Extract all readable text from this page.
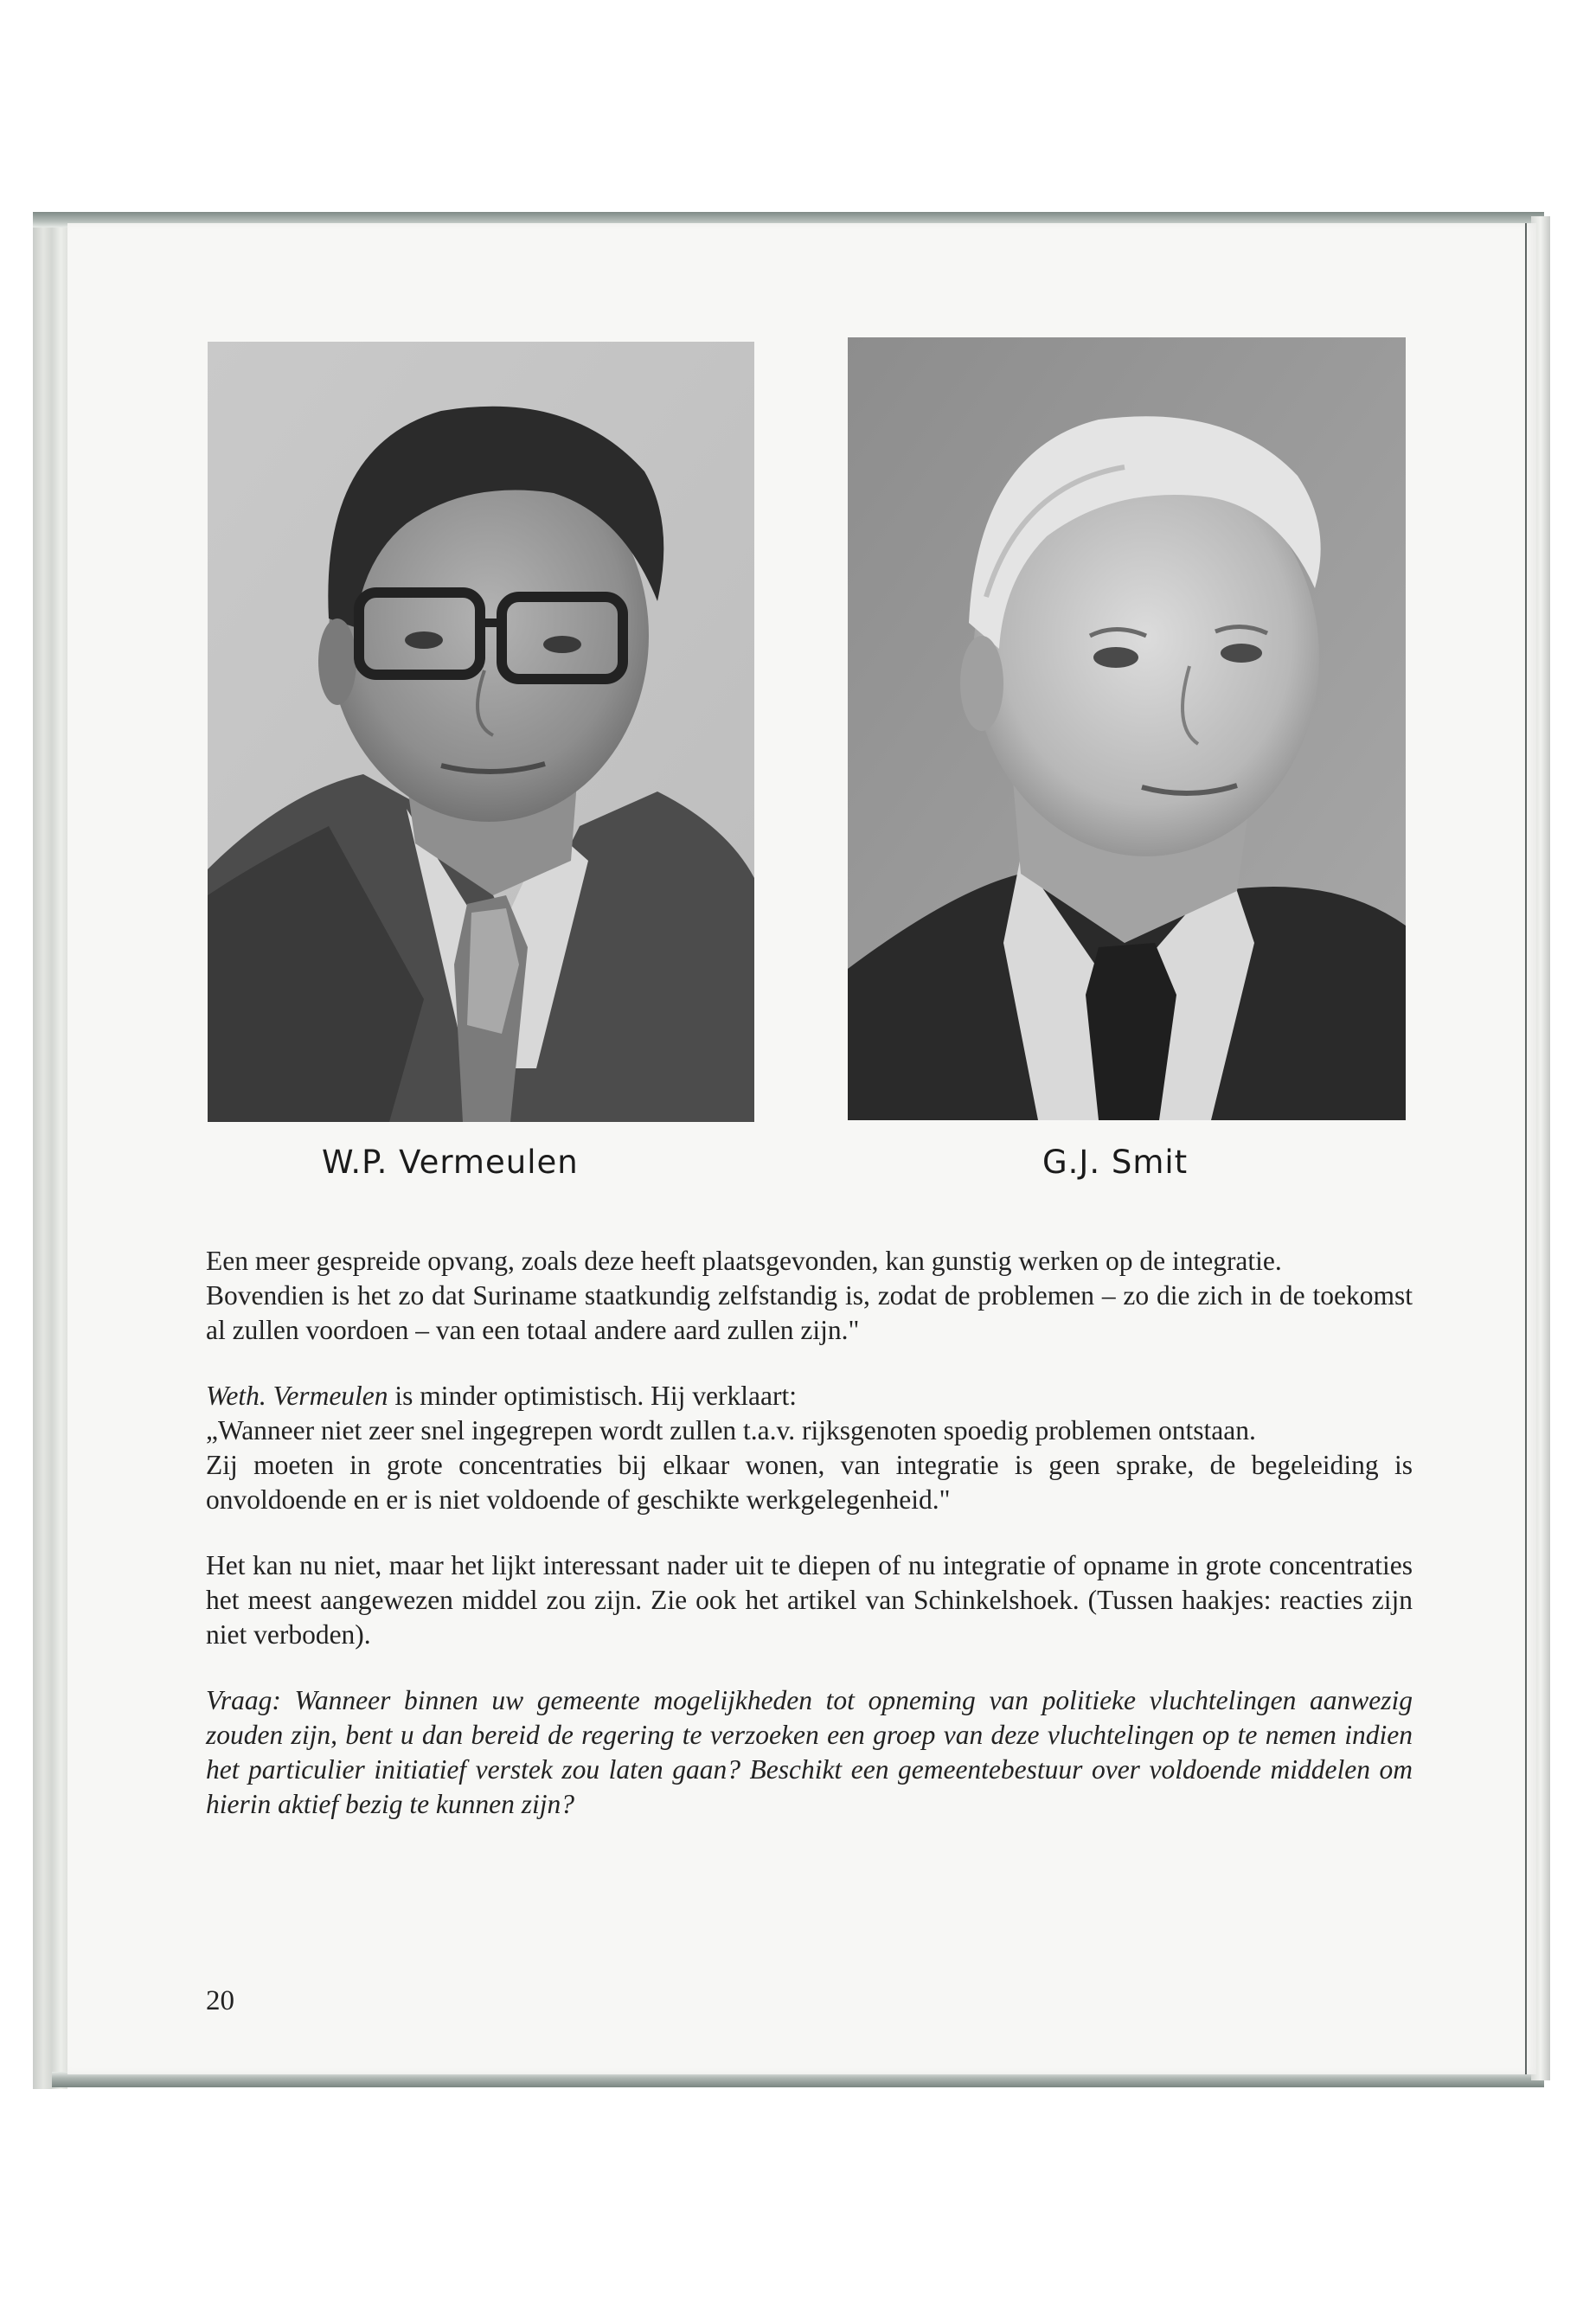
W.P. Vermeulen	G.J. Smit

Een meer gespreide opvang, zoals deze heeft plaatsgevonden, kan gunstig werken op de integratie.

Bovendien is het zo dat Suriname staatkundig zelfstandig is, zodat de problemen – zo die zich in de toekomst al zullen voordoen – van een totaal andere aard zullen zijn."

Weth. Vermeulen is minder optimistisch. Hij verklaart:

„Wanneer niet zeer snel ingegrepen wordt zullen t.a.v. rijksgenoten spoedig problemen ontstaan.

Zij moeten in grote concentraties bij elkaar wonen, van integratie is geen sprake, de begeleiding is onvoldoende en er is niet voldoende of geschikte werkgelegenheid."

Het kan nu niet, maar het lijkt interessant nader uit te diepen of nu integratie of opname in grote concentraties het meest aangewezen middel zou zijn. Zie ook het artikel van Schinkelshoek. (Tussen haakjes: reacties zijn niet verboden).

Vraag: Wanneer binnen uw gemeente mogelijkheden tot opneming van politieke vluchtelingen aanwezig zouden zijn, bent u dan bereid de regering te verzoeken een groep van deze vluchtelingen op te nemen indien het particulier initiatief verstek zou laten gaan? Beschikt een gemeentebestuur over voldoende middelen om hierin aktief bezig te kunnen zijn?

20
